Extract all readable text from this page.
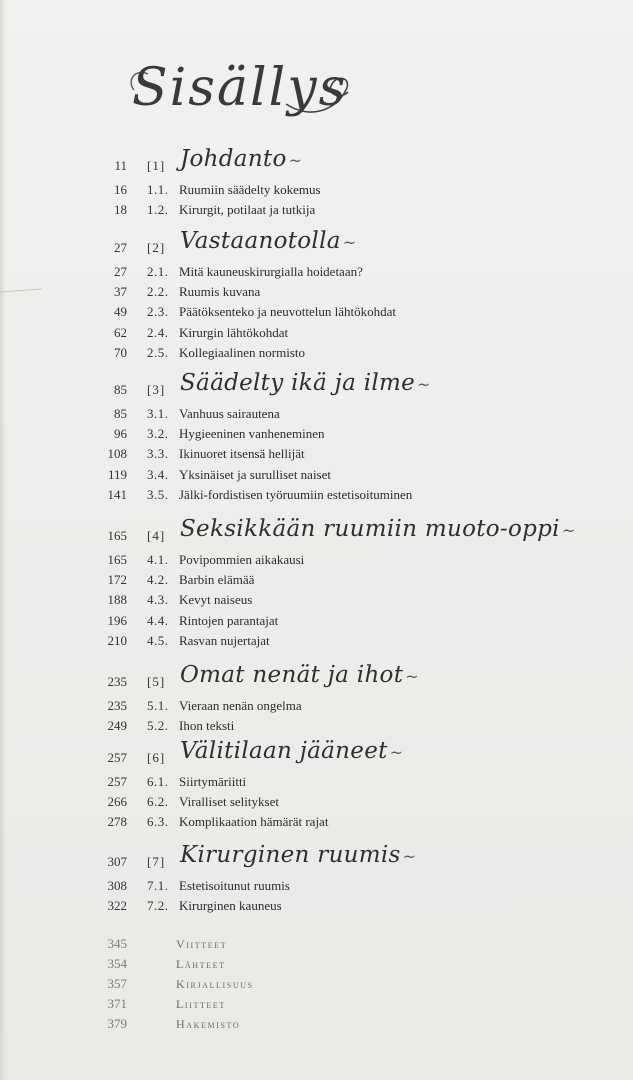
Sisällys
11 [1] Johdanto ~
16 1.1. Ruumiin säädelty kokemus
18 1.2. Kirurgit, potilaat ja tutkija
27 [2] Vastaanotolla ~
27 2.1. Mitä kauneuskirurgialla hoidetaan?
37 2.2. Ruumis kuvana
49 2.3. Päätöksenteko ja neuvottelun lähtökohdat
62 2.4. Kirurgin lähtökohdat
70 2.5. Kollegiaalinen normisto
85 [3] Säädelty ikä ja ilme ~
85 3.1. Vanhuus sairautena
96 3.2. Hygieeninen vanheneminen
108 3.3. Ikinuoret itsensä hellijät
119 3.4. Yksinäiset ja surulliset naiset
141 3.5. Jälki-fordistisen työruumiin estetisoituminen
165 [4] Seksikkään ruumiin muoto-oppi ~
165 4.1. Povipommien aikakausi
172 4.2. Barbin elämää
188 4.3. Kevyt naiseus
196 4.4. Rintojen parantajat
210 4.5. Rasvan nujertajat
235 [5] Omat nenät ja ihot ~
235 5.1. Vieraan nenän ongelma
249 5.2. Ihon teksti
257 [6] Välitilaan jääneet ~
257 6.1. Siirtymäriitti
266 6.2. Viralliset selitykset
278 6.3. Komplikaation hämärät rajat
307 [7] Kirurginen ruumis ~
308 7.1. Estetisoitunut ruumis
322 7.2. Kirurginen kauneus
345	Viitteet
354	Lähteet
357	Kirjallisuus
371	Liitteet
379	Hakemisto
